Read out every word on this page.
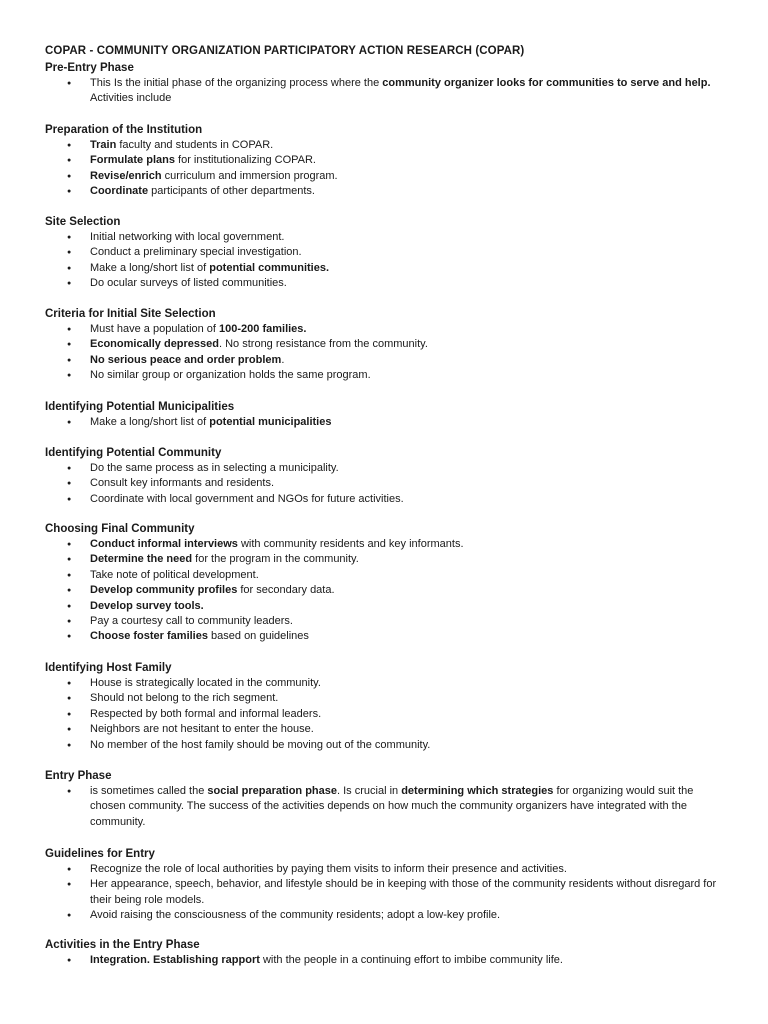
COPAR - COMMUNITY ORGANIZATION PARTICIPATORY ACTION RESEARCH (COPAR)
Pre-Entry Phase
● This Is the initial phase of the organizing process where the community organizer looks for communities to serve and help. Activities include
Preparation of the Institution
● Train faculty and students in COPAR.
● Formulate plans for institutionalizing COPAR.
● Revise/enrich curriculum and immersion program.
● Coordinate participants of other departments.
Site Selection
● Initial networking with local government.
● Conduct a preliminary special investigation.
● Make a long/short list of potential communities.
● Do ocular surveys of listed communities.
Criteria for Initial Site Selection
● Must have a population of 100-200 families.
● Economically depressed. No strong resistance from the community.
● No serious peace and order problem.
● No similar group or organization holds the same program.
Identifying Potential Municipalities
● Make a long/short list of potential municipalities
Identifying Potential Community
● Do the same process as in selecting a municipality.
● Consult key informants and residents.
● Coordinate with local government and NGOs for future activities.
Choosing Final Community
● Conduct informal interviews with community residents and key informants.
● Determine the need for the program in the community.
● Take note of political development.
● Develop community profiles for secondary data.
● Develop survey tools.
● Pay a courtesy call to community leaders.
● Choose foster families based on guidelines
Identifying Host Family
● House is strategically located in the community.
● Should not belong to the rich segment.
● Respected by both formal and informal leaders.
● Neighbors are not hesitant to enter the house.
● No member of the host family should be moving out of the community.
Entry Phase
● is sometimes called the social preparation phase. Is crucial in determining which strategies for organizing would suit the chosen community. The success of the activities depends on how much the community organizers have integrated with the community.
Guidelines for Entry
● Recognize the role of local authorities by paying them visits to inform their presence and activities.
● Her appearance, speech, behavior, and lifestyle should be in keeping with those of the community residents without disregard for their being role models.
● Avoid raising the consciousness of the community residents; adopt a low-key profile.
Activities in the Entry Phase
● Integration. Establishing rapport with the people in a continuing effort to imbibe community life.
